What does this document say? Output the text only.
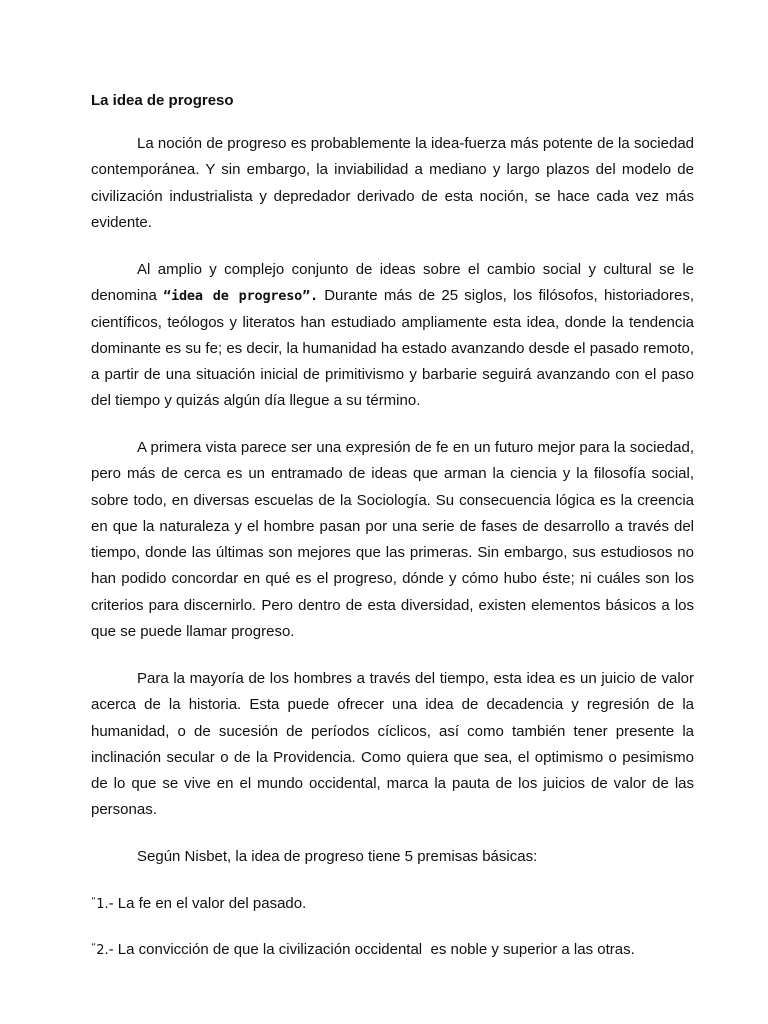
La idea de progreso

La noción de progreso es probablemente la idea-fuerza más potente de la sociedad contemporánea. Y sin embargo, la inviabilidad a mediano y largo plazos del modelo de civilización industrialista y depredador derivado de esta noción, se hace cada vez más evidente.

Al amplio y complejo conjunto de ideas sobre el cambio social y cultural se le denomina “idea de progreso”. Durante más de 25 siglos, los filósofos, historiadores, científicos, teólogos y literatos han estudiado ampliamente esta idea, donde la tendencia dominante es su fe; es decir, la humanidad ha estado avanzando desde el pasado remoto, a partir de una situación inicial de primitivismo y barbarie seguirá avanzando con el paso del tiempo y quizás algún día llegue a su término.

A primera vista parece ser una expresión de fe en un futuro mejor para la sociedad, pero más de cerca es un entramado de ideas que arman la ciencia y la filosofía social, sobre todo, en diversas escuelas de la Sociología. Su consecuencia lógica es la creencia en que la naturaleza y el hombre pasan por una serie de fases de desarrollo a través del tiempo, donde las últimas son mejores que las primeras. Sin embargo, sus estudiosos no han podido concordar en qué es el progreso, dónde y cómo hubo éste; ni cuáles son los criterios para discernirlo. Pero dentro de esta diversidad, existen elementos básicos a los que se puede llamar progreso.

Para la mayoría de los hombres a través del tiempo, esta idea es un juicio de valor acerca de la historia. Esta puede ofrecer una idea de decadencia y regresión de la humanidad, o de sucesión de períodos cíclicos, así como también tener presente la inclinación secular o de la Providencia. Como quiera que sea, el optimismo o pesimismo de lo que se vive en el mundo occidental, marca la pauta de los juicios de valor de las personas.

Según Nisbet, la idea de progreso tiene 5 premisas básicas:
“1.- La fe en el valor del pasado.
“2.- La convicción de que la civilización occidental  es noble y superior a las otras.
